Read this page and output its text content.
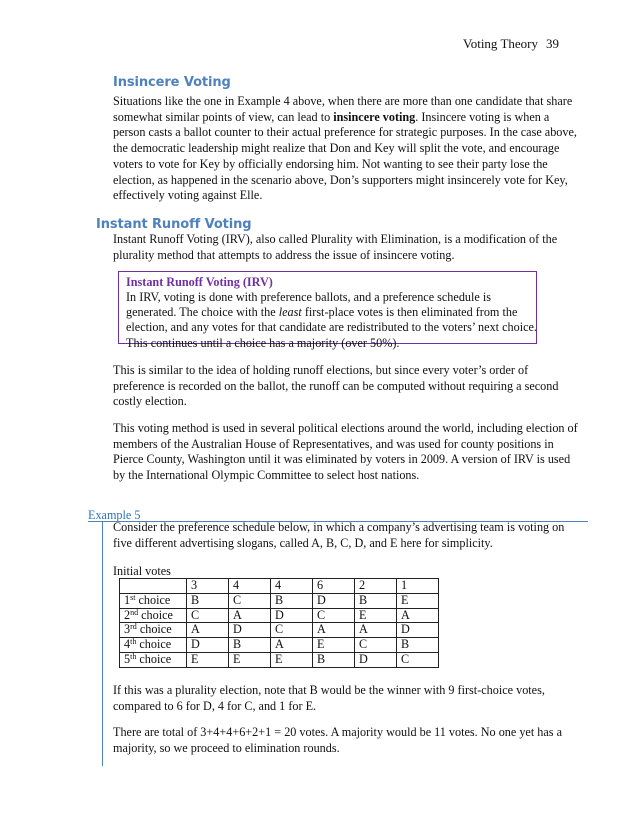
Voting Theory 39
Insincere Voting
Situations like the one in Example 4 above, when there are more than one candidate that share somewhat similar points of view, can lead to insincere voting. Insincere voting is when a person casts a ballot counter to their actual preference for strategic purposes. In the case above, the democratic leadership might realize that Don and Key will split the vote, and encourage voters to vote for Key by officially endorsing him. Not wanting to see their party lose the election, as happened in the scenario above, Don’s supporters might insincerely vote for Key, effectively voting against Elle.
Instant Runoff Voting
Instant Runoff Voting (IRV), also called Plurality with Elimination, is a modification of the plurality method that attempts to address the issue of insincere voting.
Instant Runoff Voting (IRV)
In IRV, voting is done with preference ballots, and a preference schedule is generated. The choice with the least first-place votes is then eliminated from the election, and any votes for that candidate are redistributed to the voters’ next choice. This continues until a choice has a majority (over 50%).
This is similar to the idea of holding runoff elections, but since every voter’s order of preference is recorded on the ballot, the runoff can be computed without requiring a second costly election.
This voting method is used in several political elections around the world, including election of members of the Australian House of Representatives, and was used for county positions in Pierce County, Washington until it was eliminated by voters in 2009. A version of IRV is used by the International Olympic Committee to select host nations.
Example 5
Consider the preference schedule below, in which a company’s advertising team is voting on five different advertising slogans, called A, B, C, D, and E here for simplicity.
Initial votes
	3	4	4	6	2	1
1st choice	B	C	B	D	B	E
2nd choice	C	A	D	C	E	A
3rd choice	A	D	C	A	A	D
4th choice	D	B	A	E	C	B
5th choice	E	E	E	B	D	C
If this was a plurality election, note that B would be the winner with 9 first-choice votes, compared to 6 for D, 4 for C, and 1 for E.
There are total of 3+4+4+6+2+1 = 20 votes. A majority would be 11 votes. No one yet has a majority, so we proceed to elimination rounds.
